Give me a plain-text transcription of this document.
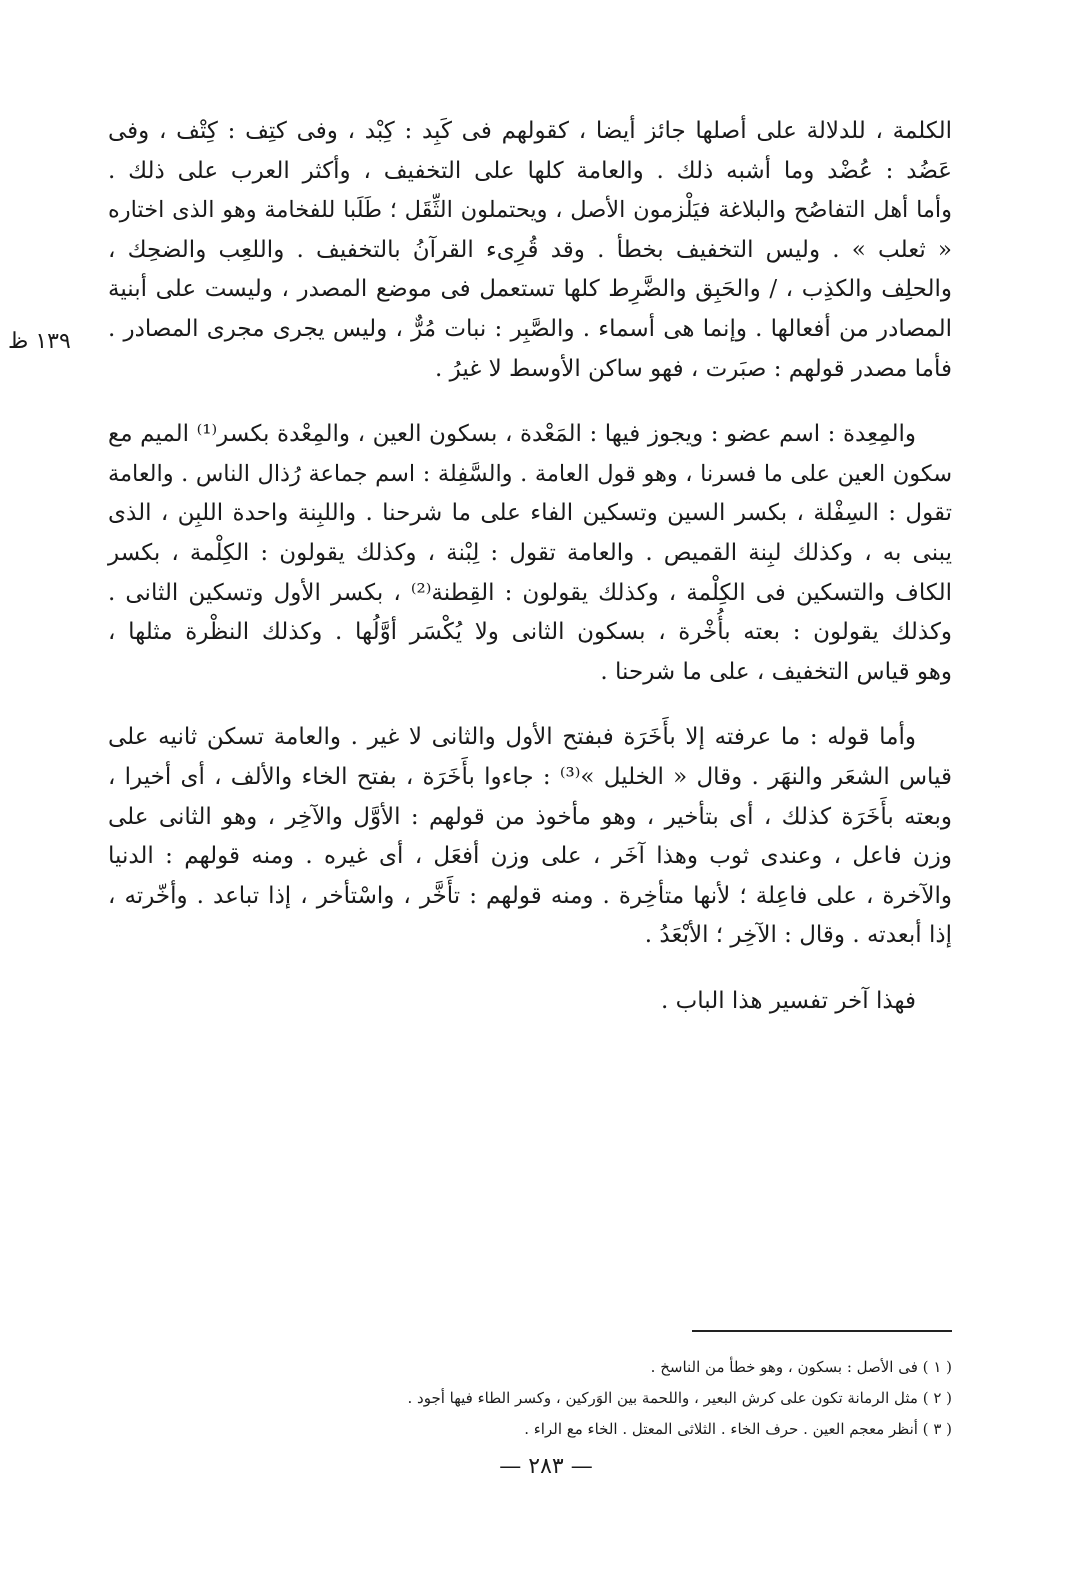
١٣٩ ظ
الكلمة ، للدلالة على أصلها جائز أيضا ، كقولهم فى كَبِد : كِبْد ، وفى كتِف : كِتْف ، وفى
عَضُد : عُضْد وما أشبه ذلك . والعامة كلها على التخفيف ، وأكثر العرب على ذلك .
وأما أهل التفاصُح والبلاغة فيَلْزمون الأصل ، ويحتملون الثِّقَل ؛ طَلَبا للفخامة وهو الذى اختاره
« ثعلب » . وليس التخفيف بخطأ . وقد قُرِىء القرآنُ بالتخفيف . واللعِب والضحِك ،
والحلِف والكذِب ، / والحَبِق والضَّرِط كلها تستعمل فى موضع المصدر ، وليست على أبنية
المصادر من أفعالها . وإنما هى أسماء . والصَّبِر : نبات مُرٌّ ، وليس يجرى مجرى المصادر .
فأما مصدر قولهم : صبَرت ، فهو ساكن الأوسط لا غيرُ .
والمِعِدة : اسم عضو : ويجوز فيها : المَعْدة ، بسكون العين ، والمِعْدة بكسر⁽¹⁾ الميم مع
سكون العين على ما فسرنا ، وهو قول العامة . والسَّفِلة : اسم جماعة رُذال الناس . والعامة
تقول : السِفْلة ، بكسر السين وتسكين الفاء على ما شرحنا . واللبِنة واحدة اللبِن ، الذى
يبنى به ، وكذلك لبِنة القميص . والعامة تقول : لِبْنة ، وكذلك يقولون : الكِلْمة ، بكسر
الكاف والتسكين فى الكِلْمة ، وكذلك يقولون : القِطنة⁽²⁾ ، بكسر الأول وتسكين الثانى .
وكذلك يقولون : بعته بأُخْرة ، بسكون الثانى ولا يُكْسَر أوَّلُها . وكذلك النظْرة مثلها ،
وهو قياس التخفيف ، على ما شرحنا .
وأما قوله : ما عرفته إلا بأَخَرَة فبفتح الأول والثانى لا غير . والعامة تسكن ثانيه على
قياس الشعَر والنهَر . وقال « الخليل »⁽³⁾ : جاءوا بأَخَرَة ، بفتح الخاء والألف ، أى أخيرا ،
وبعته بأَخَرَة كذلك ، أى بتأخير ، وهو مأخوذ من قولهم : الأوَّل والآخِر ، وهو الثانى على
وزن فاعل ، وعندى ثوب وهذا آخَر ، على وزن أفعَل ، أى غيره . ومنه قولهم : الدنيا
والآخرة ، على فاعِلة ؛ لأنها متأخِرة . ومنه قولهم : تأَخَّر ، واسْتأخر ، إذا تباعد . وأخّرته ،
إذا أبعدته . وقال : الآخِر ؛ الأبْعَدُ .
فهذا آخر تفسير هذا الباب .
( ١ ) فى الأصل : بسكون ، وهو خطأ من الناسخ .
( ٢ ) مثل الرمانة تكون على كرش البعير ، واللحمة بين الوَركين ، وكسر الطاء فيها أجود .
( ٣ ) أنظر معجم العين . حرف الخاء . الثلاثى المعتل . الخاء مع الراء .
— ٢٨٣ —
